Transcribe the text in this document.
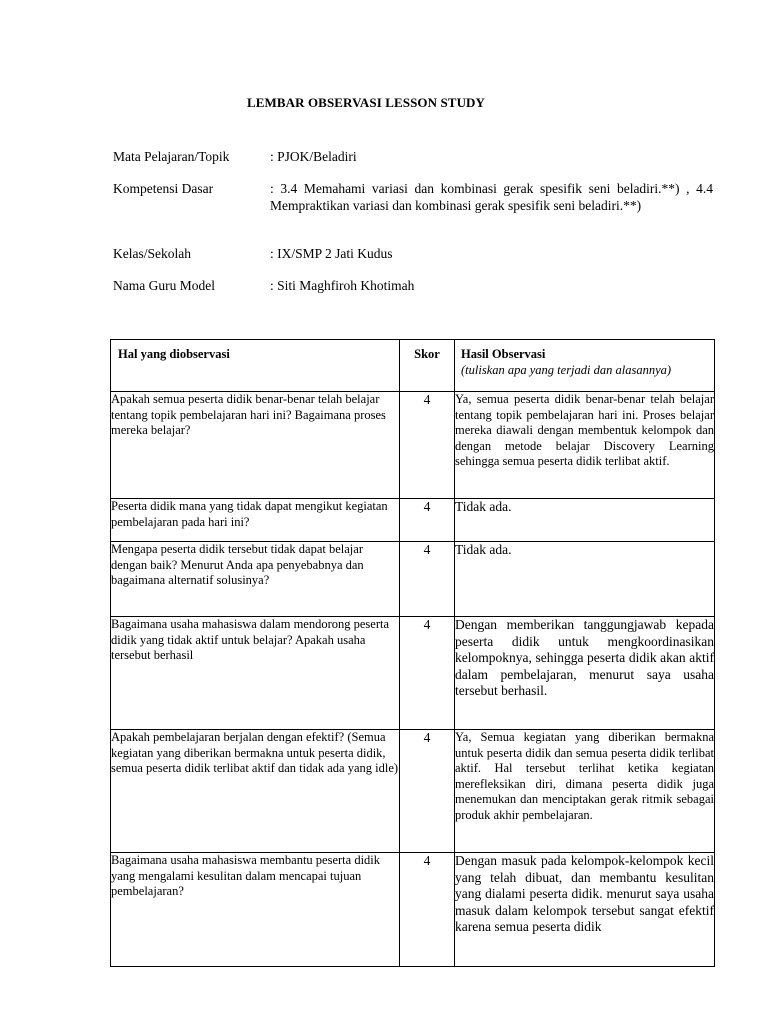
LEMBAR OBSERVASI LESSON STUDY
Mata Pelajaran/Topik	: PJOK/Beladiri
Kompetensi Dasar	: 3.4 Memahami variasi dan kombinasi gerak spesifik seni beladiri.**) , 4.4 Mempraktikan variasi dan kombinasi gerak spesifik seni beladiri.**)
Kelas/Sekolah	: IX/SMP 2 Jati Kudus
Nama Guru Model	: Siti Maghfiroh Khotimah
Hal yang diobservasi	Skor	Hasil Observasi
(tuliskan apa yang terjadi dan alasannya)

Apakah semua peserta didik benar-benar telah belajar tentang topik pembelajaran hari ini? Bagaimana proses mereka belajar?	4	Ya, semua peserta didik benar-benar telah belajar tentang topik pembelajaran hari ini. Proses belajar mereka diawali dengan membentuk kelompok dan dengan metode belajar Discovery Learning sehingga semua peserta didik terlibat aktif.
Peserta didik mana yang tidak dapat mengikut kegiatan pembelajaran pada hari ini?	4	Tidak ada.
Mengapa peserta didik tersebut tidak dapat belajar dengan baik? Menurut Anda apa penyebabnya dan bagaimana alternatif solusinya?	4	Tidak ada.
Bagaimana usaha mahasiswa dalam mendorong peserta didik yang tidak aktif untuk belajar? Apakah usaha tersebut berhasil	4	Dengan memberikan tanggungjawab kepada peserta didik untuk mengkoordinasikan kelompoknya, sehingga peserta didik akan aktif dalam pembelajaran, menurut saya usaha tersebut berhasil.
Apakah pembelajaran berjalan dengan efektif? (Semua kegiatan yang diberikan bermakna untuk peserta didik, semua peserta didik terlibat aktif dan tidak ada yang idle)	4	Ya, Semua kegiatan yang diberikan bermakna untuk peserta didik dan semua peserta didik terlibat aktif. Hal tersebut terlihat ketika kegiatan merefleksikan diri, dimana peserta didik juga menemukan dan menciptakan gerak ritmik sebagai produk akhir pembelajaran.
Bagaimana usaha mahasiswa membantu peserta didik yang mengalami kesulitan dalam mencapai tujuan pembelajaran?	4	Dengan masuk pada kelompok-kelompok kecil yang telah dibuat, dan membantu kesulitan yang dialami peserta didik. menurut saya usaha masuk dalam kelompok tersebut sangat efektif karena semua peserta didik
